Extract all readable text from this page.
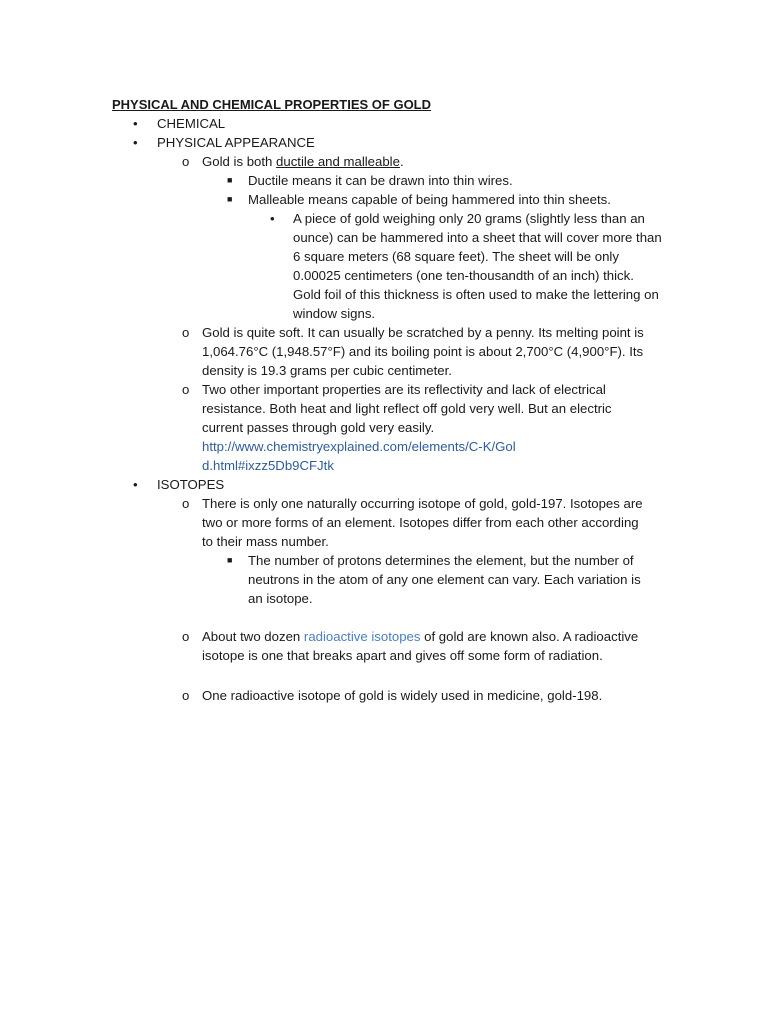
PHYSICAL AND CHEMICAL PROPERTIES OF GOLD
• CHEMICAL
• PHYSICAL APPEARANCE
o Gold is both ductile and malleable.
■ Ductile means it can be drawn into thin wires.
■ Malleable means capable of being hammered into thin sheets.
• A piece of gold weighing only 20 grams (slightly less than an ounce) can be hammered into a sheet that will cover more than 6 square meters (68 square feet). The sheet will be only 0.00025 centimeters (one ten-thousandth of an inch) thick. Gold foil of this thickness is often used to make the lettering on window signs.
o Gold is quite soft. It can usually be scratched by a penny. Its melting point is 1,064.76°C (1,948.57°F) and its boiling point is about 2,700°C (4,900°F). Its density is 19.3 grams per cubic centimeter.
o Two other important properties are its reflectivity and lack of electrical resistance. Both heat and light reflect off gold very well. But an electric current passes through gold very easily.
http://www.chemistryexplained.com/elements/C-K/Gold.html#ixzz5Db9CFJtk
• ISOTOPES
o There is only one naturally occurring isotope of gold, gold-197. Isotopes are two or more forms of an element. Isotopes differ from each other according to their mass number.
■ The number of protons determines the element, but the number of neutrons in the atom of any one element can vary. Each variation is an isotope.
o About two dozen radioactive isotopes of gold are known also. A radioactive isotope is one that breaks apart and gives off some form of radiation.
o One radioactive isotope of gold is widely used in medicine, gold-198.
